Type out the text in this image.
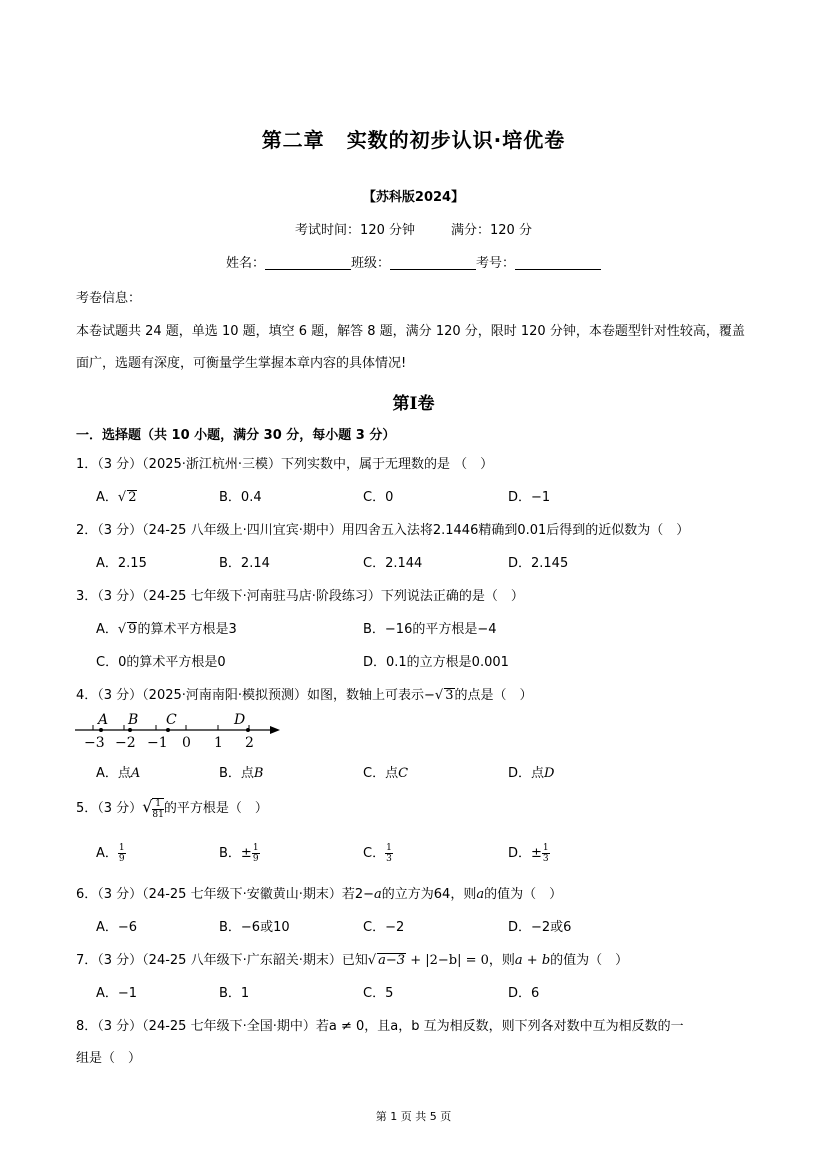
第二章 实数的初步认识·培优卷
【苏科版2024】
考试时间：120 分钟	满分：120 分
姓名：	班级：	考号：
考卷信息：
本卷试题共 24 题，单选 10 题，填空 6 题，解答 8 题，满分 120 分，限时 120 分钟，本卷题型针对性较高，覆盖
面广，选题有深度，可衡量学生掌握本章内容的具体情况!
第Ⅰ卷
一．选择题（共 10 小题，满分 30 分，每小题 3 分）
1．（3 分）（2025·浙江杭州·三模）下列实数中，属于无理数的是 （　）
A．√ 2	B．0.4	C．0	D．−1
2．（3 分）（24-25 八年级上·四川宜宾·期中）用四舍五入法将2.1446精确到0.01后得到的近似数为（　）
A．2.15	B．2.14	C．2.144	D．2.145
3．（3 分）（24-25 七年级下·河南驻马店·阶段练习）下列说法正确的是（　）
A．√ 9的算术平方根是3	B．−16的平方根是−4
C．0的算术平方根是0	D．0.1的立方根是0.001
4．（3 分）（2025·河南南阳·模拟预测）如图，数轴上可表示−√ 3的点是（　）
−3 −2 −1 0 1 2
A B C	D
A．点A	B．点B	C．点C	D．点D
5．（3 分）√ $\frac{1}{81}$ 的平方根是（　）
A． $\frac{1}{9}$	B．± $\frac{1}{9}$	C． $\frac{1}{3}$	D．± $\frac{1}{3}$
6．（3 分）（24-25 七年级下·安徽黄山·期末）若2−a的立方为64，则a的值为（　）
A．−6	B．−6或10	C．−2	D．−2或6
7．（3 分）（24-25 八年级下·广东韶关·期末）已知√ a−3 + |2−b| = 0，则a + b的值为（　）
A．−1	B．1	C．5	D．6
8．（3 分）（24-25 七年级下·全国·期中）若a ≠ 0，且a，b 互为相反数，则下列各对数中互为相反数的一
组是（　）
第 1 页 共 5 页
